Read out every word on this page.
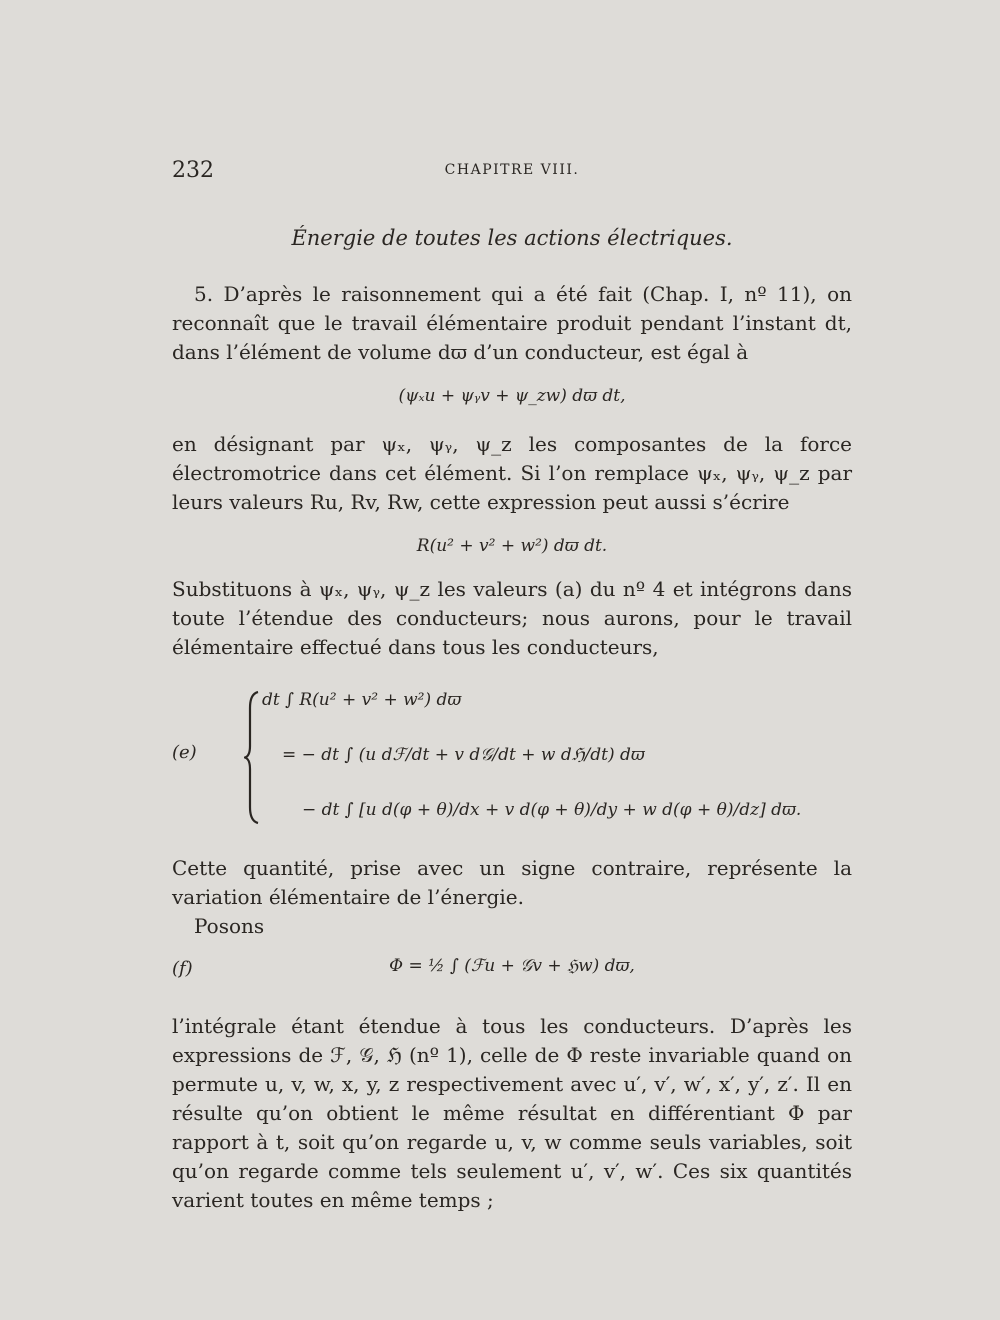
232	CHAPITRE VIII.
Énergie de toutes les actions électriques.
5. D’après le raisonnement qui a été fait (Chap. I, nº 11), on reconnaît que le travail élémentaire produit pendant l’instant dt, dans l’élément de volume dϖ d’un conducteur, est égal à
(ψₓu + ψᵧv + ψ_zw) dϖ dt,
en désignant par ψₓ, ψᵧ, ψ_z les composantes de la force électromotrice dans cet élément. Si l’on remplace ψₓ, ψᵧ, ψ_z par leurs valeurs Ru, Rv, Rw, cette expression peut aussi s’écrire
R(u² + v² + w²) dϖ dt.
Substituons à ψₓ, ψᵧ, ψ_z les valeurs (a) du nº 4 et intégrons dans toute l’étendue des conducteurs; nous aurons, pour le travail élémentaire effectué dans tous les conducteurs,
(e)
dt ∫ R(u² + v² + w²) dϖ
= − dt ∫ (u dℱ/dt + v d𝒢/dt + w dℌ/dt) dϖ
− dt ∫ [u d(φ + θ)/dx + v d(φ + θ)/dy + w d(φ + θ)/dz] dϖ.
Cette quantité, prise avec un signe contraire, représente la variation élémentaire de l’énergie.
Posons
(f)	Φ = ½ ∫ (ℱu + 𝒢v + ℌw) dϖ,
l’intégrale étant étendue à tous les conducteurs. D’après les expressions de ℱ, 𝒢, ℌ (nº 1), celle de Φ reste invariable quand on permute u, v, w, x, y, z respectivement avec u′, v′, w′, x′, y′, z′. Il en résulte qu’on obtient le même résultat en différentiant Φ par rapport à t, soit qu’on regarde u, v, w comme seuls variables, soit qu’on regarde comme tels seulement u′, v′, w′. Ces six quantités varient toutes en même temps ;
